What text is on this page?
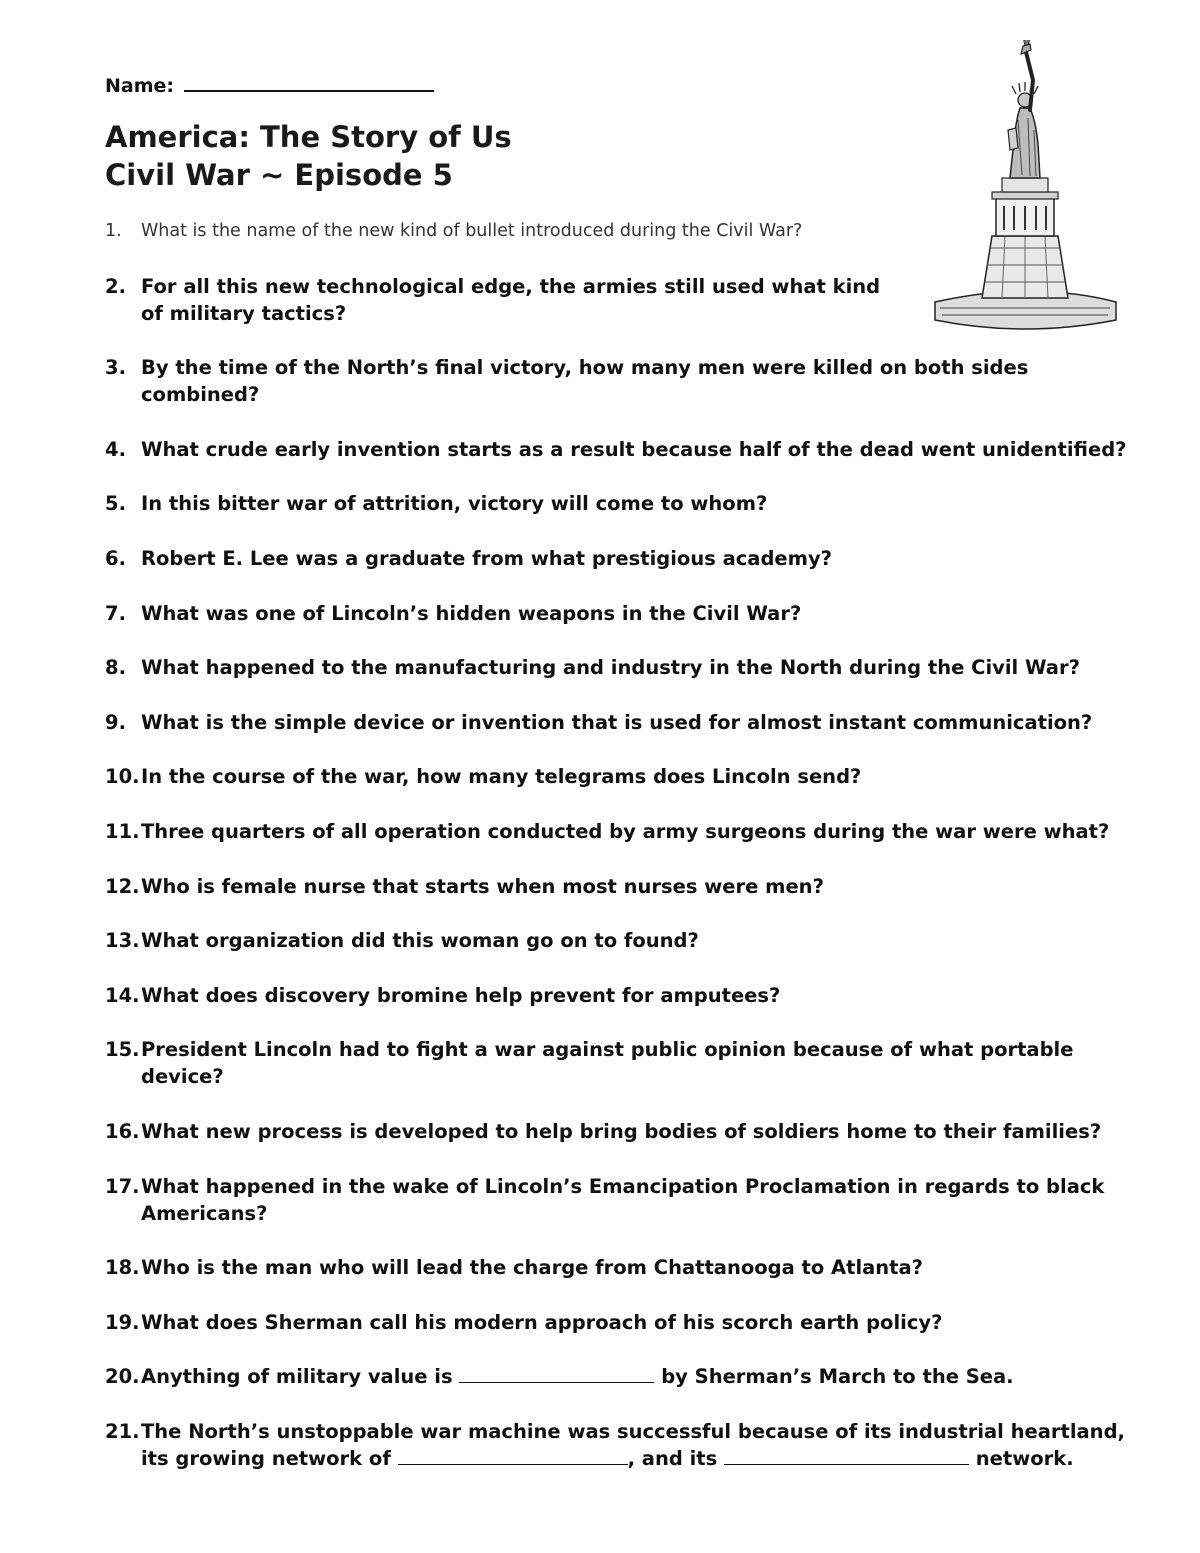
Name:
America: The Story of Us
Civil War ~ Episode 5
1. What is the name of the new kind of bullet introduced during the Civil War?
2. For all this new technological edge, the armies still used what kind of military tactics?
3. By the time of the North’s final victory, how many men were killed on both sides combined?
4. What crude early invention starts as a result because half of the dead went unidentified?
5. In this bitter war of attrition, victory will come to whom?
6. Robert E. Lee was a graduate from what prestigious academy?
7. What was one of Lincoln’s hidden weapons in the Civil War?
8. What happened to the manufacturing and industry in the North during the Civil War?
9. What is the simple device or invention that is used for almost instant communication?
10. In the course of the war, how many telegrams does Lincoln send?
11. Three quarters of all operation conducted by army surgeons during the war were what?
12. Who is female nurse that starts when most nurses were men?
13. What organization did this woman go on to found?
14. What does discovery bromine help prevent for amputees?
15. President Lincoln had to fight a war against public opinion because of what portable device?
16. What new process is developed to help bring bodies of soldiers home to their families?
17. What happened in the wake of Lincoln’s Emancipation Proclamation in regards to black Americans?
18. Who is the man who will lead the charge from Chattanooga to Atlanta?
19. What does Sherman call his modern approach of his scorch earth policy?
20. Anything of military value is	by Sherman’s March to the Sea.
21. The North’s unstoppable war machine was successful because of its industrial heartland, its growing network of	, and its	network.
